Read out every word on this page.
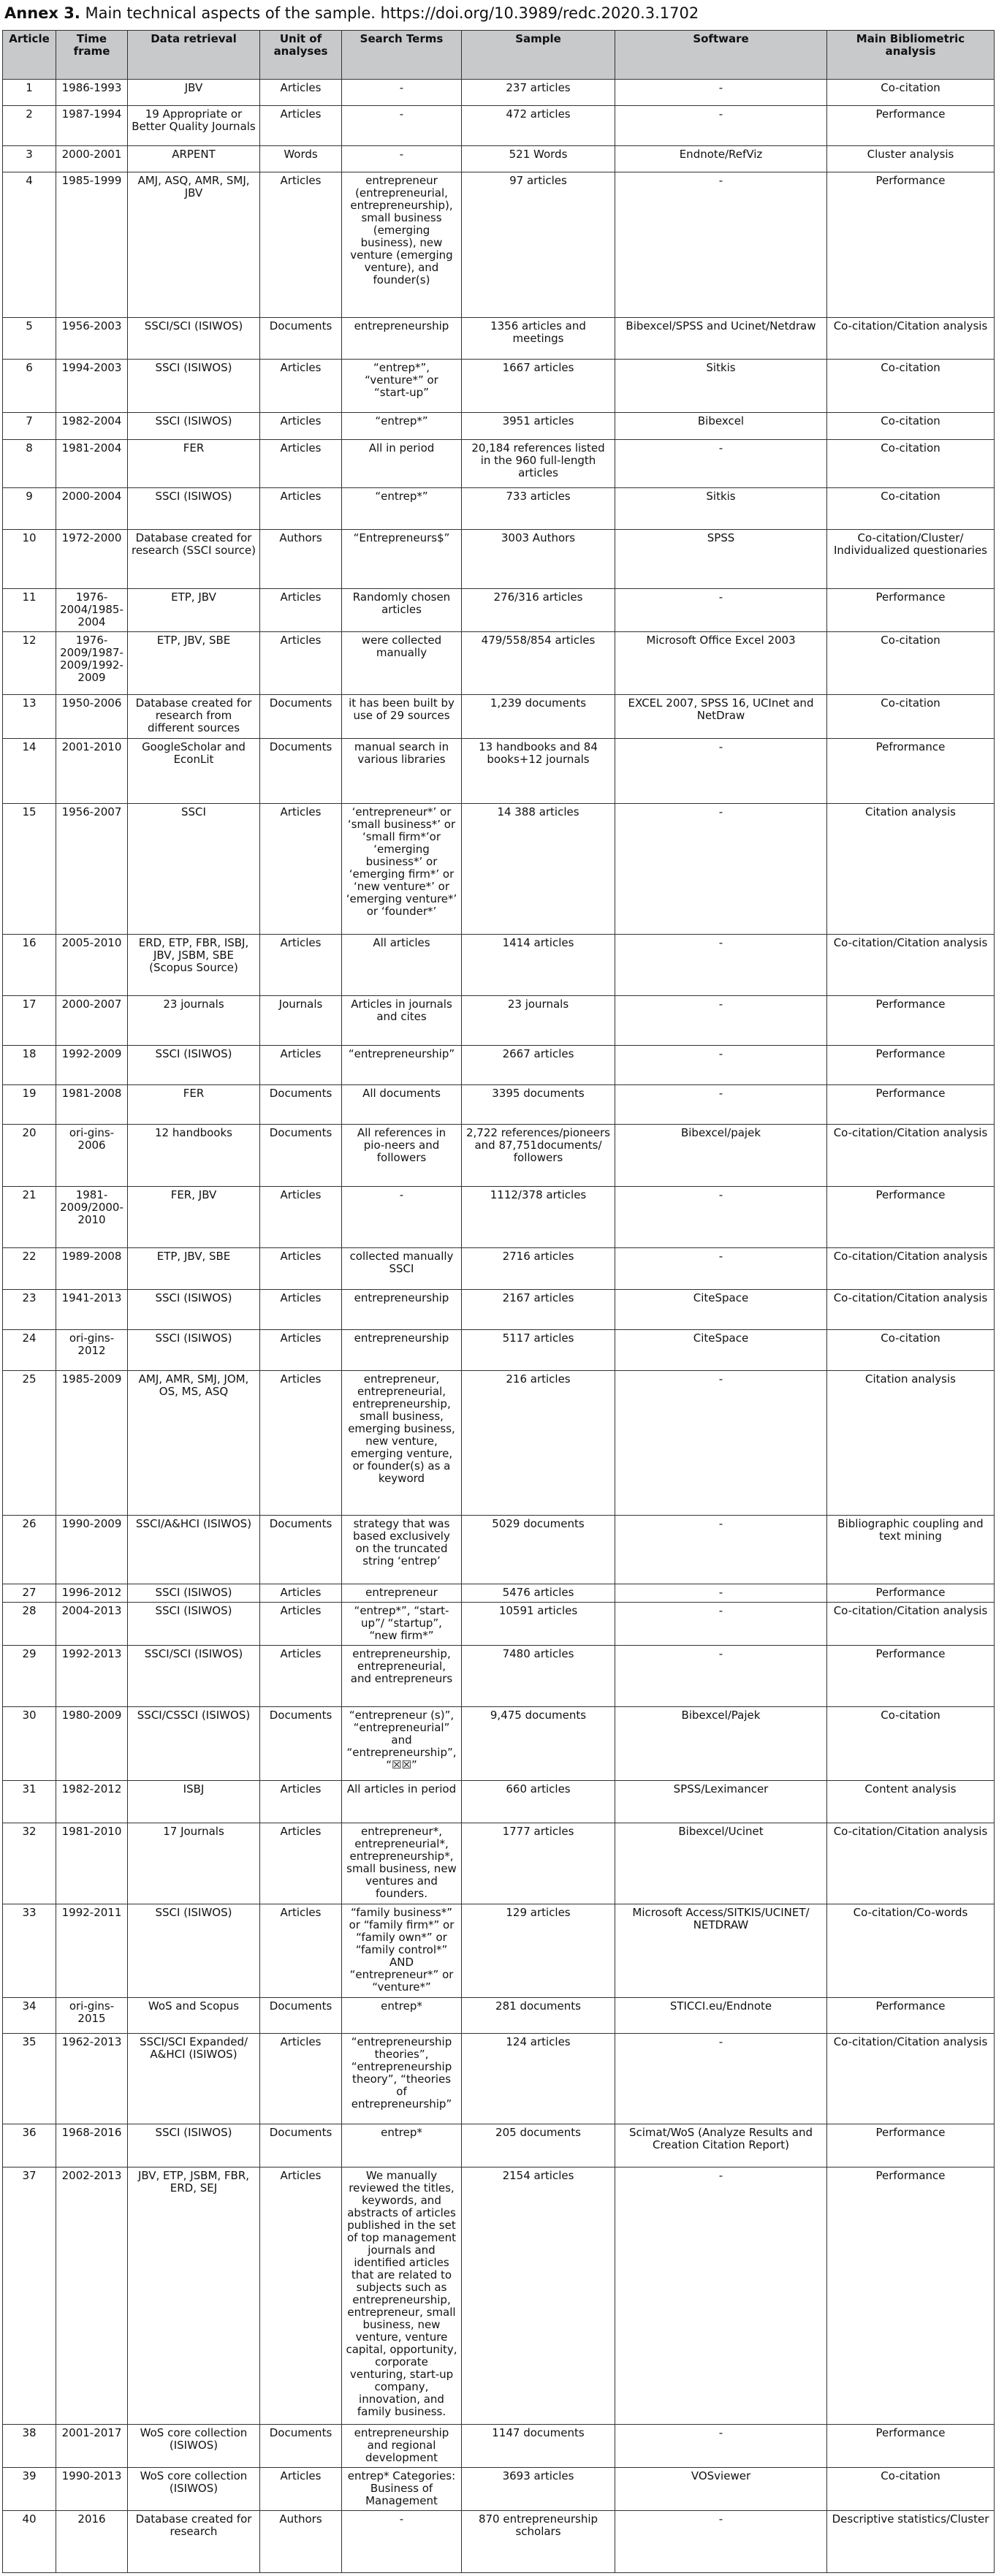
Annex 3. Main technical aspects of the sample. https://doi.org/10.3989/redc.2020.3.1702
Article	Time frame	Data retrieval	Unit of analyses	Search Terms	Sample	Software	Main Bibliometric analysis
1	1986-1993	JBV	Articles	-	237 articles	-	Co-citation
2	1987-1994	19 Appropriate or Better Quality Journals	Articles	-	472 articles	-	Performance
3	2000-2001	ARPENT	Words	-	521 Words	Endnote/RefViz	Cluster analysis
4	1985-1999	AMJ, ASQ, AMR, SMJ, JBV	Articles	entrepreneur (entrepreneurial, entrepreneurship), small business (emerging business), new venture (emerging venture), and founder(s)	97 articles	-	Performance
5	1956-2003	SSCI/SCI (ISIWOS)	Documents	entrepreneurship	1356 articles and meetings	Bibexcel/SPSS and Ucinet/Netdraw	Co-citation/Citation analysis
6	1994-2003	SSCI (ISIWOS)	Articles	“entrep*”, “venture*” or “start-up”	1667 articles	Sitkis	Co-citation
7	1982-2004	SSCI (ISIWOS)	Articles	“entrep*”	3951 articles	Bibexcel	Co-citation
8	1981-2004	FER	Articles	All in period	20,184 references listed in the 960 full-length articles	-	Co-citation
9	2000-2004	SSCI (ISIWOS)	Articles	“entrep*”	733 articles	Sitkis	Co-citation
10	1972-2000	Database created for research (SSCI source)	Authors	“Entrepreneurs$”	3003 Authors	SPSS	Co-citation/Cluster/ Individualized questionaries
11	1976-2004/1985-2004	ETP, JBV	Articles	Randomly chosen articles	276/316 articles	-	Performance
12	1976-2009/1987-2009/1992-2009	ETP, JBV, SBE	Articles	were collected manually	479/558/854 articles	Microsoft Office Excel 2003	Co-citation
13	1950-2006	Database created for research from different sources	Documents	it has been built by use of 29 sources	1,239 documents	EXCEL 2007, SPSS 16, UCInet and NetDraw	Co-citation
14	2001-2010	GoogleScholar and EconLit	Documents	manual search in various libraries	13 handbooks and 84 books+12 journals	-	Pefrormance
15	1956-2007	SSCI	Articles	‘entrepreneur*’ or ‘small business*’ or ‘small firm*’or ‘emerging business*’ or ‘emerging firm*’ or ‘new venture*’ or ‘emerging venture*’ or ‘founder*’	14 388 articles	-	Citation analysis
16	2005-2010	ERD, ETP, FBR, ISBJ, JBV, JSBM, SBE (Scopus Source)	Articles	All articles	1414 articles	-	Co-citation/Citation analysis
17	2000-2007	23 journals	Journals	Articles in journals and cites	23 journals	-	Performance
18	1992-2009	SSCI (ISIWOS)	Articles	“entrepreneurship”	2667 articles	-	Performance
19	1981-2008	FER	Documents	All documents	3395 documents	-	Performance
20	ori-gins-2006	12 handbooks	Documents	All references in pio-neers and followers	2,722 references/pioneers and 87,751documents/ followers	Bibexcel/pajek	Co-citation/Citation analysis
21	1981-2009/2000-2010	FER, JBV	Articles	-	1112/378 articles	-	Performance
22	1989-2008	ETP, JBV, SBE	Articles	collected manually SSCI	2716 articles	-	Co-citation/Citation analysis
23	1941-2013	SSCI (ISIWOS)	Articles	entrepreneurship	2167 articles	CiteSpace	Co-citation/Citation analysis
24	ori-gins-2012	SSCI (ISIWOS)	Articles	entrepreneurship	5117 articles	CiteSpace	Co-citation
25	1985-2009	AMJ, AMR, SMJ, JOM, OS, MS, ASQ	Articles	entrepreneur, entrepreneurial, entrepreneurship, small business, emerging business, new venture, emerging venture, or founder(s) as a keyword	216 articles	-	Citation analysis
26	1990-2009	SSCI/A&HCI (ISIWOS)	Documents	strategy that was based exclusively on the truncated string ‘entrep’	5029 documents	-	Bibliographic coupling and text mining
27	1996-2012	SSCI (ISIWOS)	Articles	entrepreneur	5476 articles	-	Performance
28	2004-2013	SSCI (ISIWOS)	Articles	“entrep*”, “start-up”/ “startup”, “new firm*”	10591 articles	-	Co-citation/Citation analysis
29	1992-2013	SSCI/SCI (ISIWOS)	Articles	entrepreneurship, entrepreneurial, and entrepreneurs	7480 articles	-	Performance
30	1980-2009	SSCI/CSSCI (ISIWOS)	Documents	“entrepreneur (s)”, “entrepreneurial” and “entrepreneurship”, “☒☒”	9,475 documents	Bibexcel/Pajek	Co-citation
31	1982-2012	ISBJ	Articles	All articles in period	660 articles	SPSS/Leximancer	Content analysis
32	1981-2010	17 Journals	Articles	entrepreneur*, entrepreneurial*, entrepreneurship*, small business, new ventures and founders.	1777 articles	Bibexcel/Ucinet	Co-citation/Citation analysis
33	1992-2011	SSCI (ISIWOS)	Articles	“family business*” or “family firm*” or “family own*” or “family control*” AND “entrepreneur*” or “venture*”	129 articles	Microsoft Access/SITKIS/UCINET/ NETDRAW	Co-citation/Co-words
34	ori-gins-2015	WoS and Scopus	Documents	entrep*	281 documents	STICCI.eu/Endnote	Performance
35	1962-2013	SSCI/SCI Expanded/ A&HCI (ISIWOS)	Articles	“entrepreneurship theories”, “entrepreneurship theory”, “theories of entrepreneurship”	124 articles	-	Co-citation/Citation analysis
36	1968-2016	SSCI (ISIWOS)	Documents	entrep*	205 documents	Scimat/WoS (Analyze Results and Creation Citation Report)	Performance
37	2002-2013	JBV, ETP, JSBM, FBR, ERD, SEJ	Articles	We manually reviewed the titles, keywords, and abstracts of articles published in the set of top management journals and identified articles that are related to subjects such as entrepreneurship, entrepreneur, small business, new venture, venture capital, opportunity, corporate venturing, start-up company, innovation, and family business.	2154 articles	-	Performance
38	2001-2017	WoS core collection (ISIWOS)	Documents	entrepreneurship and regional development	1147 documents	-	Performance
39	1990-2013	WoS core collection (ISIWOS)	Articles	entrep* Categories: Business of Management	3693 articles	VOSviewer	Co-citation
40	2016	Database created for research	Authors	-	870 entrepreneurship scholars	-	Descriptive statistics/Cluster
